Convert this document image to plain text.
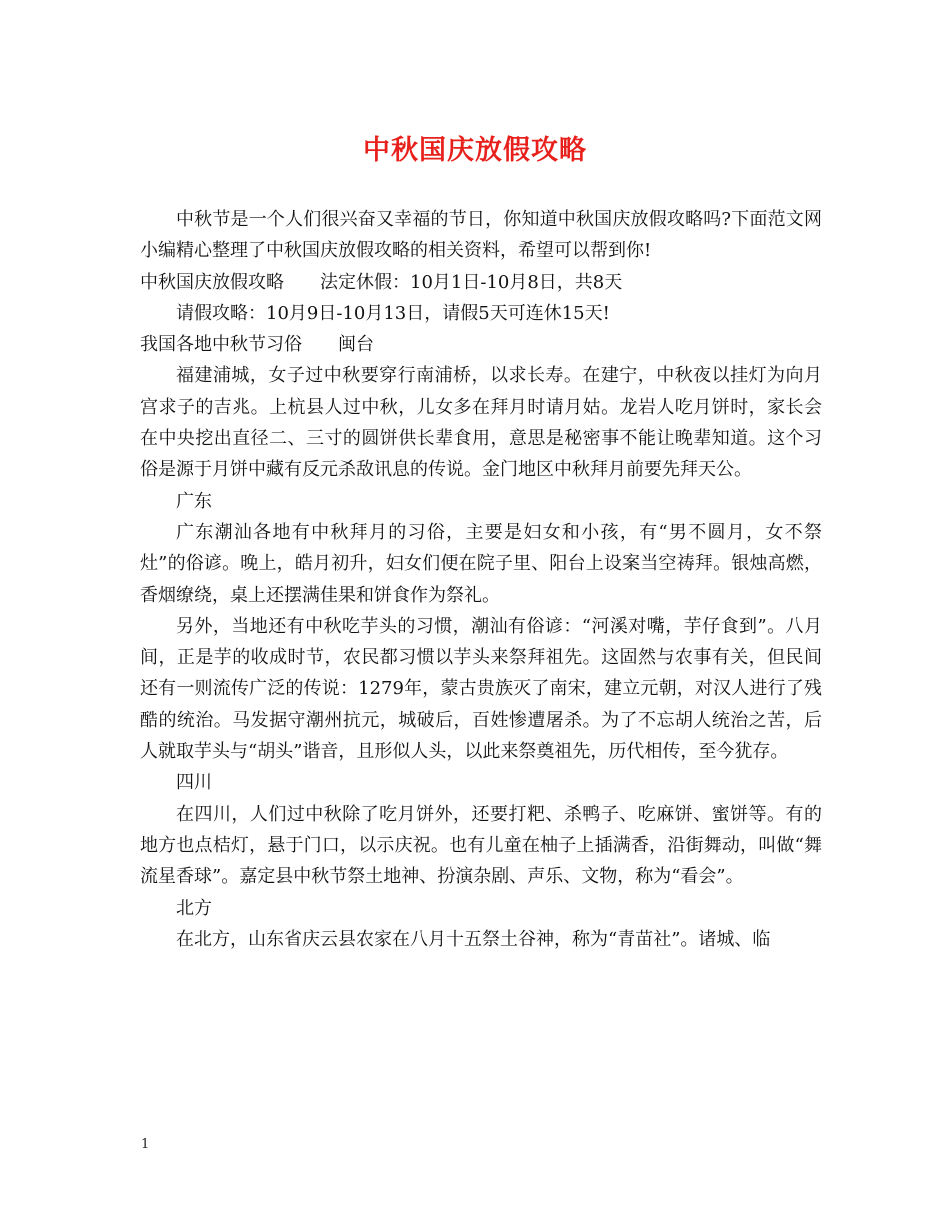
中秋国庆放假攻略

中秋节是一个人们很兴奋又幸福的节日，你知道中秋国庆放假攻略吗?下面范文网小编精心整理了中秋国庆放假攻略的相关资料，希望可以帮到你!

中秋国庆放假攻略 法定休假：10月1日-10月8日，共8天

请假攻略：10月9日-10月13日，请假5天可连休15天!

我国各地中秋节习俗 闽台

福建浦城，女子过中秋要穿行南浦桥，以求长寿。在建宁，中秋夜以挂灯为向月宫求子的吉兆。上杭县人过中秋，儿女多在拜月时请月姑。龙岩人吃月饼时，家长会在中央挖出直径二、三寸的圆饼供长辈食用，意思是秘密事不能让晚辈知道。这个习俗是源于月饼中藏有反元杀敌讯息的传说。金门地区中秋拜月前要先拜天公。

广东

广东潮汕各地有中秋拜月的习俗，主要是妇女和小孩，有“男不圆月，女不祭灶”的俗谚。晚上，皓月初升，妇女们便在院子里、阳台上设案当空祷拜。银烛高燃，香烟缭绕，桌上还摆满佳果和饼食作为祭礼。

另外，当地还有中秋吃芋头的习惯，潮汕有俗谚：“河溪对嘴，芋仔食到”。八月间，正是芋的收成时节，农民都习惯以芋头来祭拜祖先。这固然与农事有关，但民间还有一则流传广泛的传说：1279年，蒙古贵族灭了南宋，建立元朝，对汉人进行了残酷的统治。马发据守潮州抗元，城破后，百姓惨遭屠杀。为了不忘胡人统治之苦，后人就取芋头与“胡头”谐音，且形似人头，以此来祭奠祖先，历代相传，至今犹存。

四川

在四川，人们过中秋除了吃月饼外，还要打粑、杀鸭子、吃麻饼、蜜饼等。有的地方也点桔灯，悬于门口，以示庆祝。也有儿童在柚子上插满香，沿街舞动，叫做“舞流星香球”。嘉定县中秋节祭土地神、扮演杂剧、声乐、文物，称为“看会”。

北方

在北方，山东省庆云县农家在八月十五祭土谷神，称为“青苗社”。诸城、临

1
